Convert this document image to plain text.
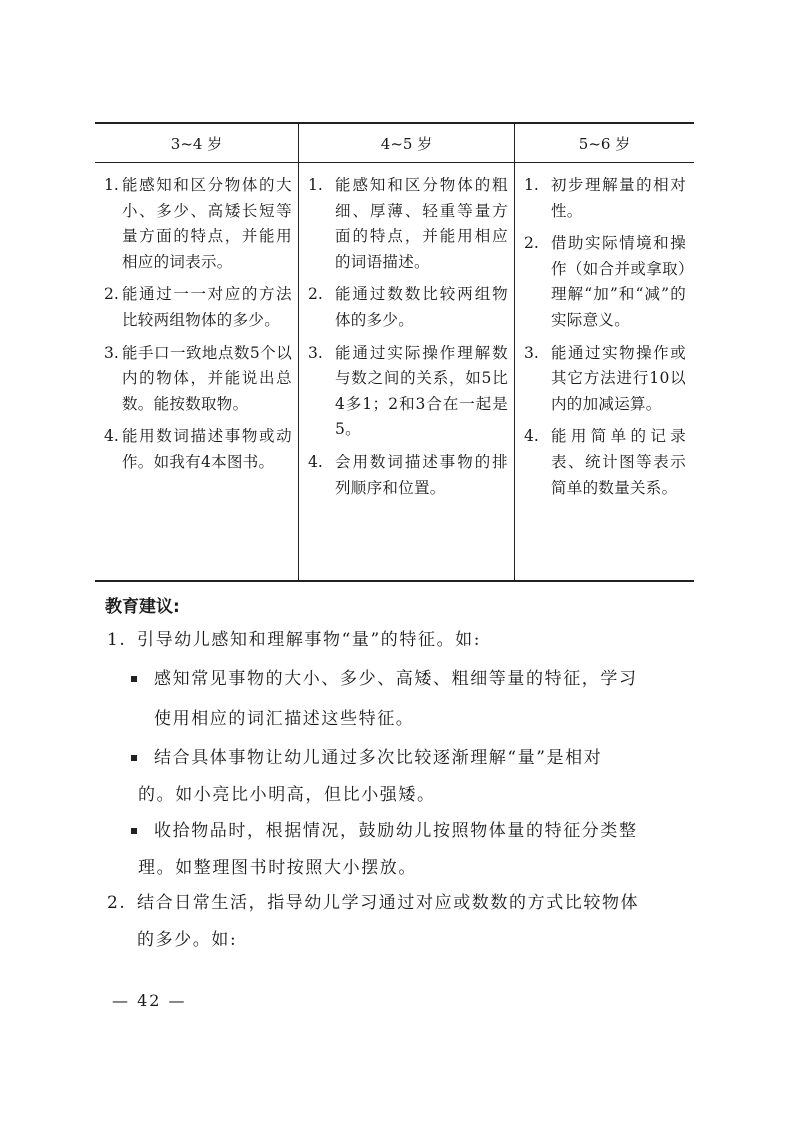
3~4 岁	4~5 岁	5~6 岁
1. 能感知和区分物体的大小、多少、高矮长短等量方面的特点，并能用相应的词表示。
2. 能通过一一对应的方法比较两组物体的多少。
3. 能手口一致地点数5个以内的物体，并能说出总数。能按数取物。
4. 能用数词描述事物或动作。如我有4本图书。
1. 能感知和区分物体的粗细、厚薄、轻重等量方面的特点，并能用相应的词语描述。
2. 能通过数数比较两组物体的多少。
3. 能通过实际操作理解数与数之间的关系，如5比4多1；2和3合在一起是5。
4. 会用数词描述事物的排列顺序和位置。
1. 初步理解量的相对性。
2. 借助实际情境和操作（如合并或拿取）理解“加”和“减”的实际意义。
3. 能通过实物操作或其它方法进行10以内的加减运算。
4. 能用简单的记录表、统计图等表示简单的数量关系。
教育建议:
1. 引导幼儿感知和理解事物“量”的特征。如:
感知常见事物的大小、多少、高矮、粗细等量的特征，学习
使用相应的词汇描述这些特征。
结合具体事物让幼儿通过多次比较逐渐理解“量”是相对
的。如小亮比小明高，但比小强矮。
收拾物品时，根据情况，鼓励幼儿按照物体量的特征分类整
理。如整理图书时按照大小摆放。
2. 结合日常生活，指导幼儿学习通过对应或数数的方式比较物体
的多少。如:
— 42 —
